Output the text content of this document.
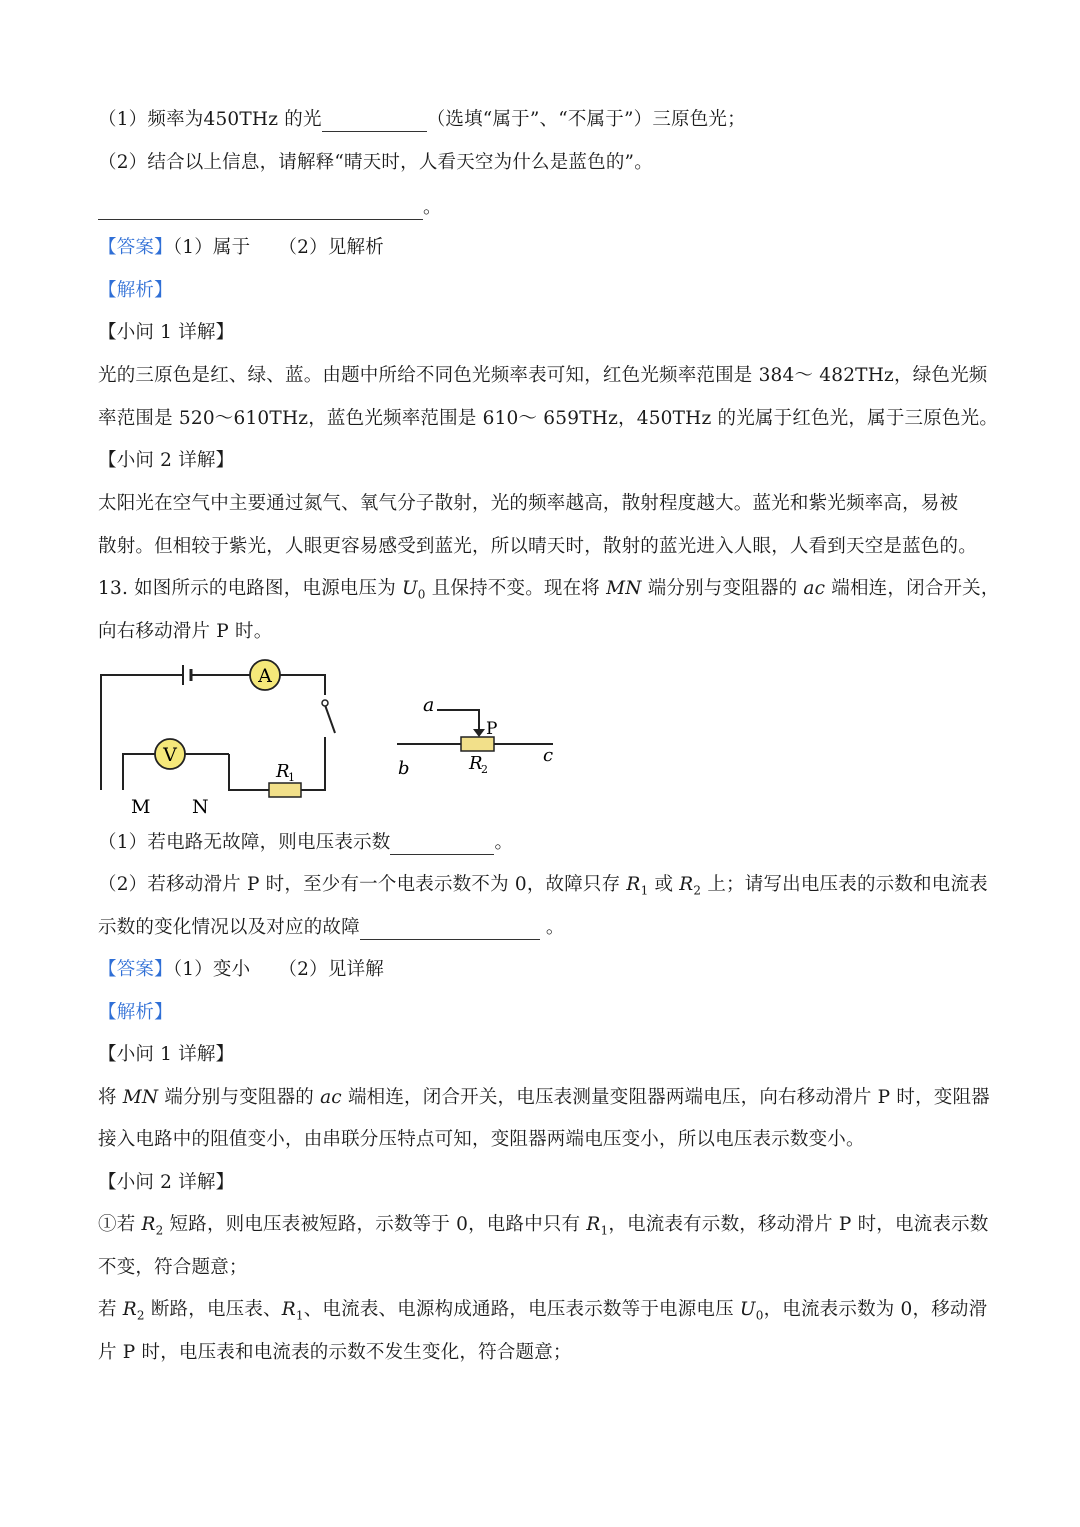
（1）频率为450THz 的光	（选填“属于”、“不属于”）三原色光；
（2）结合以上信息，请解释“晴天时，人看天空为什么是蓝色的”。
。
【答案】（1）属于　　（2）见解析
【解析】
【小问 1 详解】
光的三原色是红、绿、蓝。由题中所给不同色光频率表可知，红色光频率范围是 384～ 482THz，绿色光频
率范围是 520～610THz，蓝色光频率范围是 610～ 659THz，450THz 的光属于红色光，属于三原色光。
【小问 2 详解】
太阳光在空气中主要通过氮气、氧气分子散射，光的频率越高，散射程度越大。蓝光和紫光频率高，易被
散射。但相较于紫光，人眼更容易感受到蓝光，所以晴天时，散射的蓝光进入人眼，人看到天空是蓝色的。
13. 如图所示的电路图，电源电压为 $U_0$ 且保持不变。现在将 MN 端分别与变阻器的 ac 端相连，闭合开关，
向右移动滑片 P 时。
A
V
R
1
M N
a
P
b
c
R
2
（1）若电路无故障，则电压表示数	。
（2）若移动滑片 P 时，至少有一个电表示数不为 0，故障只存 $R_1$ 或 $R_2$ 上；请写出电压表的示数和电流表
示数的变化情况以及对应的故障	。
【答案】（1）变小　　（2）见详解
【解析】
【小问 1 详解】
将 MN 端分别与变阻器的 ac 端相连，闭合开关，电压表测量变阻器两端电压，向右移动滑片 P 时，变阻器
接入电路中的阻值变小，由串联分压特点可知，变阻器两端电压变小，所以电压表示数变小。
【小问 2 详解】
①若 $R_2$ 短路，则电压表被短路，示数等于 0，电路中只有 $R_1$，电流表有示数，移动滑片 P 时，电流表示数
不变，符合题意；
若 $R_2$ 断路，电压表、$R_1$、电流表、电源构成通路，电压表示数等于电源电压 $U_0$，电流表示数为 0，移动滑
片 P 时，电压表和电流表的示数不发生变化，符合题意；
